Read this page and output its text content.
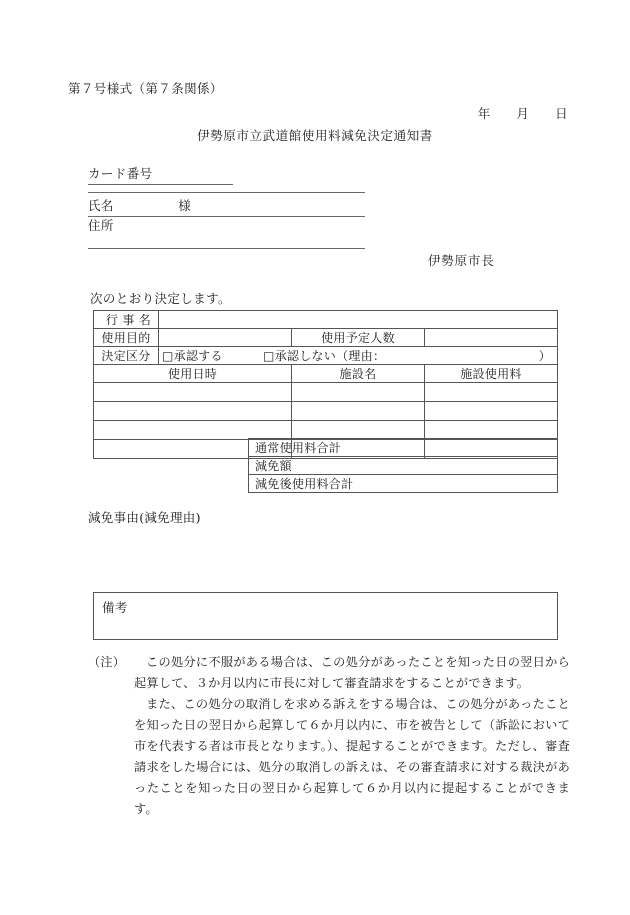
第７号様式（第７条関係）
年　　月　　日
伊勢原市立武道館使用料減免決定通知書
カード番号
氏名	様
住所
伊勢原市長
次のとおり決定します。
行 事 名			
使用目的		使用予定人数	
決定区分	□承認する □承認しない（理由： ）		

使用日時		施設名	施設使用料

通常使用料合計
減免額
減免後使用料合計
減免事由(減免理由)
備考
（注）	この処分に不服がある場合は、この処分があったことを知った日の翌日から起算して、３か月以内に市長に対して審査請求をすることができます。

また、この処分の取消しを求める訴えをする場合は、この処分があったことを知った日の翌日から起算して６か月以内に、市を被告として（訴訟において市を代表する者は市長となります。）、提起することができます。ただし、審査請求をした場合には、処分の取消しの訴えは、その審査請求に対する裁決があったことを知った日の翌日から起算して６か月以内に提起することができます。
